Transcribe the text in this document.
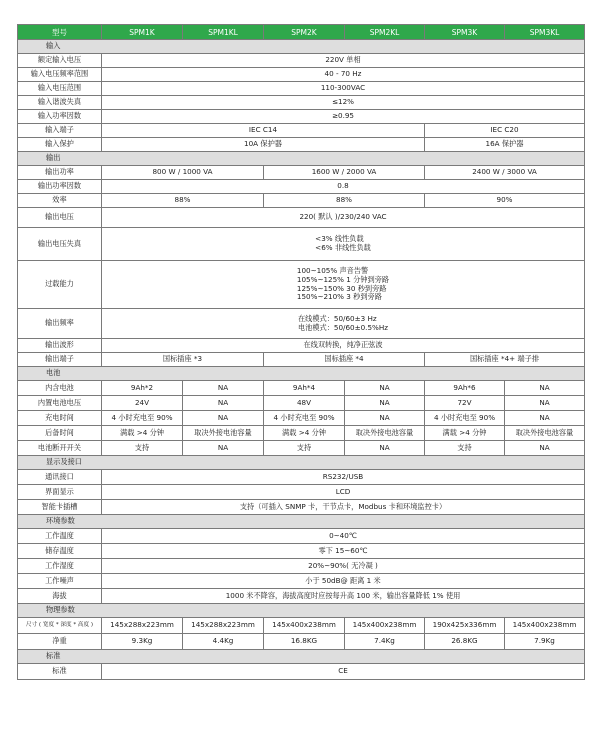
型号	SPM1K	SPM1KL	SPM2K	SPM2KL	SPM3K	SPM3KL
输入						
额定输入电压	220V 单相					
输入电压频率范围	40 - 70 Hz					
输入电压范围	110-300VAC					
输入谐波失真	≤12%					
输入功率因数	≥0.95					
输入端子	IEC C14				IEC C20	
输入保护	10A 保护器				16A 保护器	
输出						
输出功率	800 W / 1000 VA		1600 W / 2000 VA		2400 W / 3000 VA	
输出功率因数	0.8					
效率	88%		88%		90%	
输出电压	220( 默认 )/230/240 VAC					
输出电压失真	<3% 线性负载
<6% 非线性负载					
过载能力	100~105% 声音告警
105%~125% 1 分钟到旁路
125%~150% 30 秒到旁路
150%~210% 3 秒到旁路					
输出频率	在线模式：50/60±3 Hz
电池模式：50/60±0.5%Hz					
输出波形	在线双转换，纯净正弦波					
输出端子	国标插座 *3		国标插座 *4		国标插座 *4+ 端子排	
电池						
内含电池	9Ah*2	NA	9Ah*4	NA	9Ah*6	NA
内置电池电压	24V	NA	48V	NA	72V	NA
充电时间	4 小时充电至 90%	NA	4 小时充电至 90%	NA	4 小时充电至 90%	NA
后备时间	满载 >4 分钟	取决外接电池容量	满载 >4 分钟	取决外接电池容量	满载 >4 分钟	取决外接电池容量
电池断开开关	支持	NA	支持	NA	支持	NA
显示及接口						
通讯接口	RS232/USB					
界面显示	LCD					
智能卡插槽	支持（可插入 SNMP 卡，干节点卡，Modbus 卡和环境监控卡）					
环境参数						
工作温度	0~40℃					
储存温度	零下 15~60℃					
工作湿度	20%~90%( 无冷凝 )					
工作噪声	小于 50dB@ 距离 1 米					
海拔	1000 米不降容，海拔高度时应按每升高 100 米，输出容量降低 1% 使用					
物理参数						
尺寸 ( 宽度 * 深度 * 高度 )	145x288x223mm	145x288x223mm	145x400x238mm	145x400x238mm	190x425x336mm	145x400x238mm
净重	9.3Kg	4.4Kg	16.8KG	7.4Kg	26.8KG	7.9Kg
标准						
标准	CE					
